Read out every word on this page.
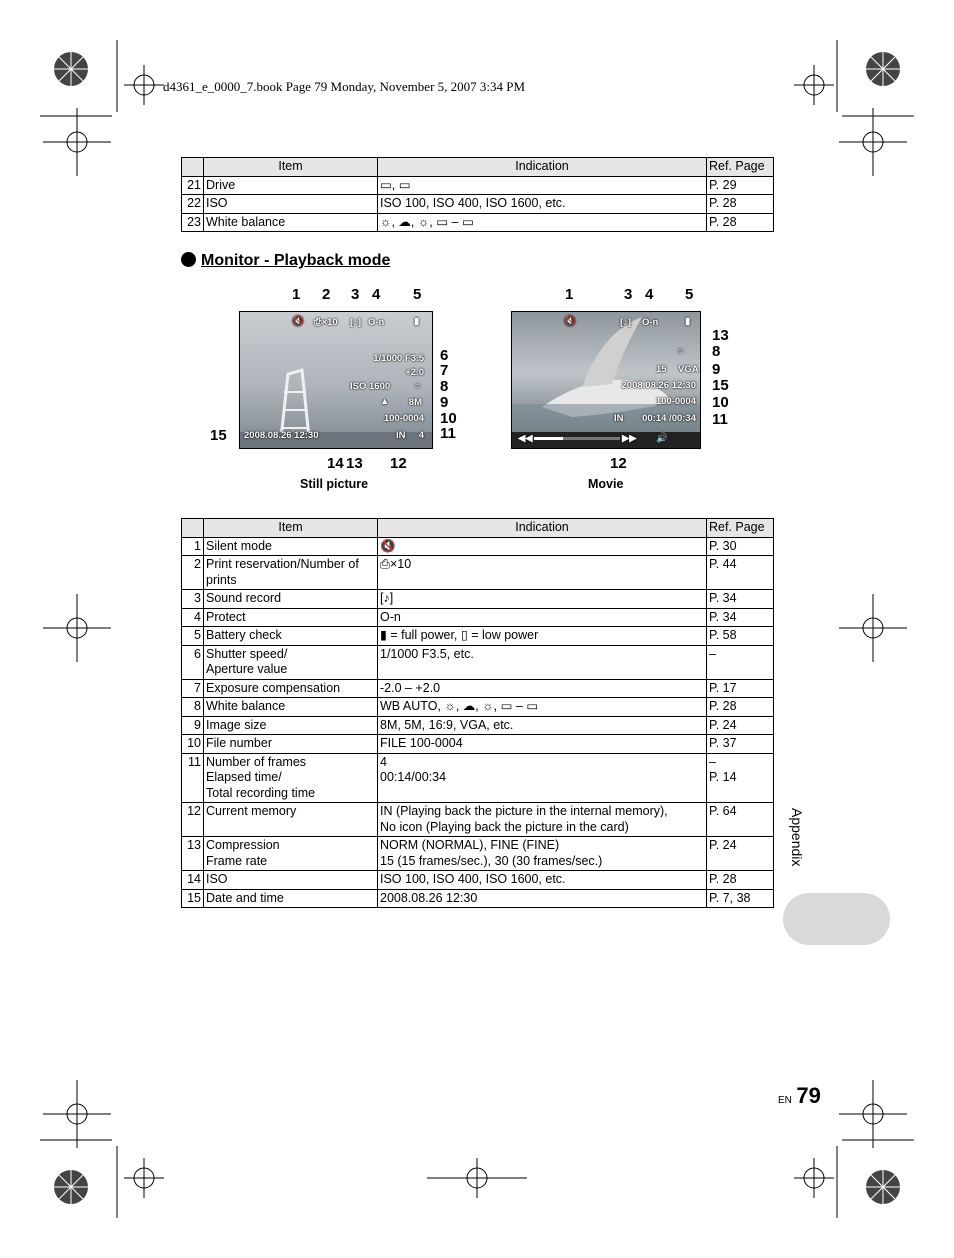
d4361_e_0000_7.book Page 79 Monday, November 5, 2007 3:34 PM
	Item	Indication	Ref. Page
21	Drive	▭, ▭	P. 29
22	ISO	ISO 100, ISO 400, ISO 1600, etc.	P. 28
23	White balance	☼, ☁, ☼, ▭ – ▭	P. 28
Monitor - Playback mode
🔇 ⎙×10 [♪] O‑n	▮
1/1000 F3.5
+2.0
ISO 1600 ☼
▲ 8M
100-0004
IN 4
2008.08.26 12:30
1 2 3 4 5
6
7
8
9
10
11
15
14 13 12
Still picture
🔇	[♪] O‑n	▮
☼
15 VGA
2008.08.26 12:30
100-0004
IN 00:14 /00:34
◀◀	▶▶ 🔊
1	3 4 5
13
8
9
15
10
11
12
Movie
	Item	Indication	Ref. Page
1	Silent mode	🔇	P. 30
2	Print reservation/Number of prints	⎙×10	P. 44
3	Sound record	[♪]	P. 34
4	Protect	O‑n	P. 34
5	Battery check	▮ = full power, ▯ = low power	P. 58
6	Shutter speed/
Aperture value	1/1000 F3.5, etc.	–
7	Exposure compensation	-2.0 – +2.0	P. 17
8	White balance	WB AUTO, ☼, ☁, ☼, ▭ – ▭	P. 28
9	Image size	8M, 5M, 16:9, VGA, etc.	P. 24
10	File number	FILE 100-0004	P. 37
11	Number of frames
Elapsed time/
Total recording time	4
00:14/00:34	–
P. 14
12	Current memory	IN (Playing back the picture in the internal memory),
No icon (Playing back the picture in the card)	P. 64
13	Compression
Frame rate	NORM (NORMAL), FINE (FINE)
15 (15 frames/sec.), 30 (30 frames/sec.)	P. 24
14	ISO	ISO 100, ISO 400, ISO 1600, etc.	P. 28
15	Date and time	2008.08.26 12:30	P. 7, 38
Appendix
EN 79
